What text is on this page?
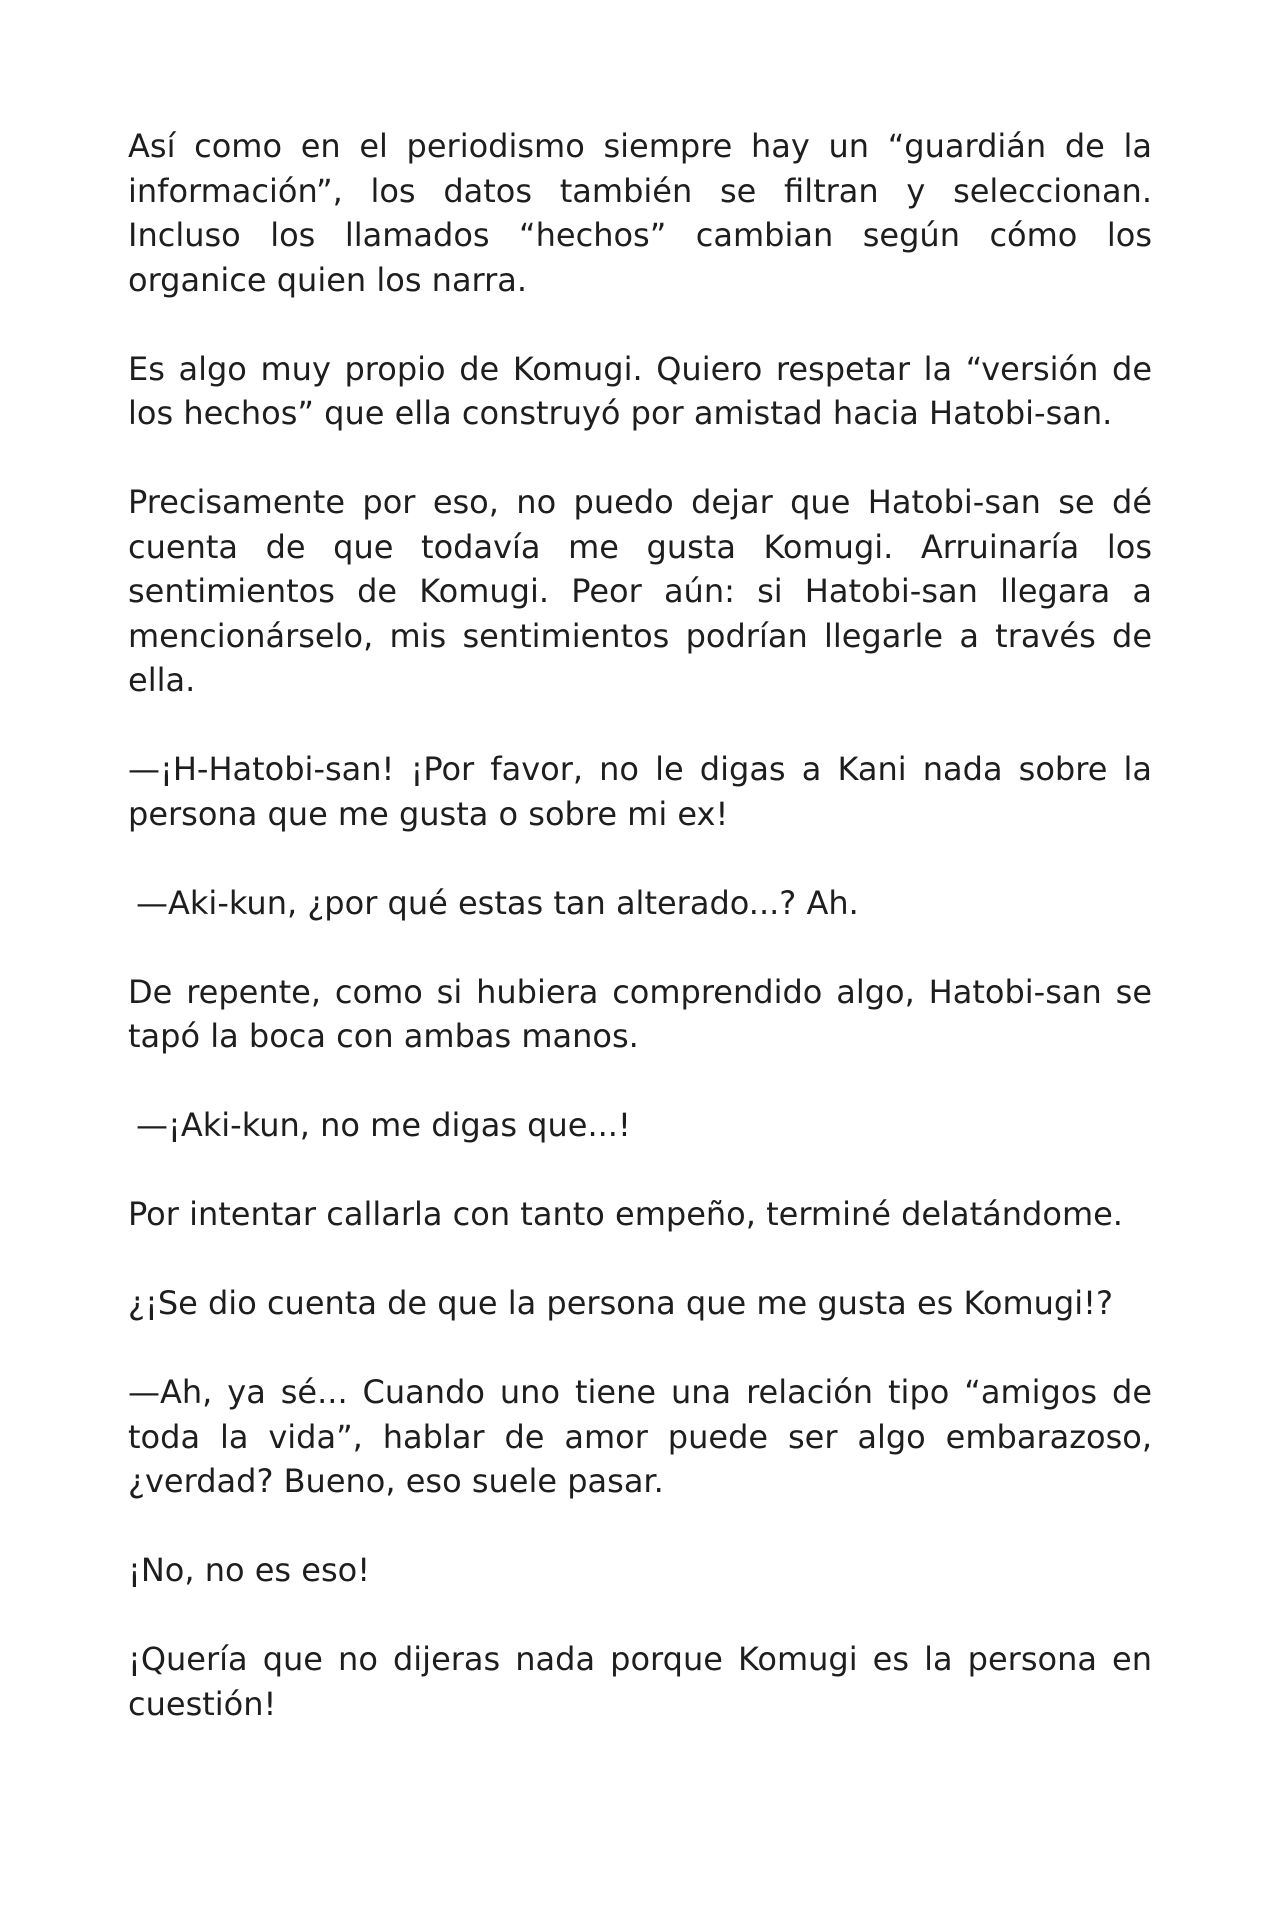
Así como en el periodismo siempre hay un “guardián de la información”, los datos también se filtran y seleccionan. Incluso los llamados “hechos” cambian según cómo los organice quien los narra.

Es algo muy propio de Komugi. Quiero respetar la “versión de los hechos” que ella construyó por amistad hacia Hatobi-san.

Precisamente por eso, no puedo dejar que Hatobi-san se dé cuenta de que todavía me gusta Komugi. Arruinaría los sentimientos de Komugi. Peor aún: si Hatobi-san llegara a mencionárselo, mis sentimientos podrían llegarle a través de ella.

—¡H-Hatobi-san! ¡Por favor, no le digas a Kani nada sobre la persona que me gusta o sobre mi ex!

—Aki-kun, ¿por qué estas tan alterado...? Ah.

De repente, como si hubiera comprendido algo, Hatobi-san se tapó la boca con ambas manos.

—¡Aki-kun, no me digas que...!

Por intentar callarla con tanto empeño, terminé delatándome.

¿¡Se dio cuenta de que la persona que me gusta es Komugi!?

—Ah, ya sé... Cuando uno tiene una relación tipo “amigos de toda la vida”, hablar de amor puede ser algo embarazoso, ¿verdad? Bueno, eso suele pasar.

¡No, no es eso!

¡Quería que no dijeras nada porque Komugi es la persona en cuestión!
